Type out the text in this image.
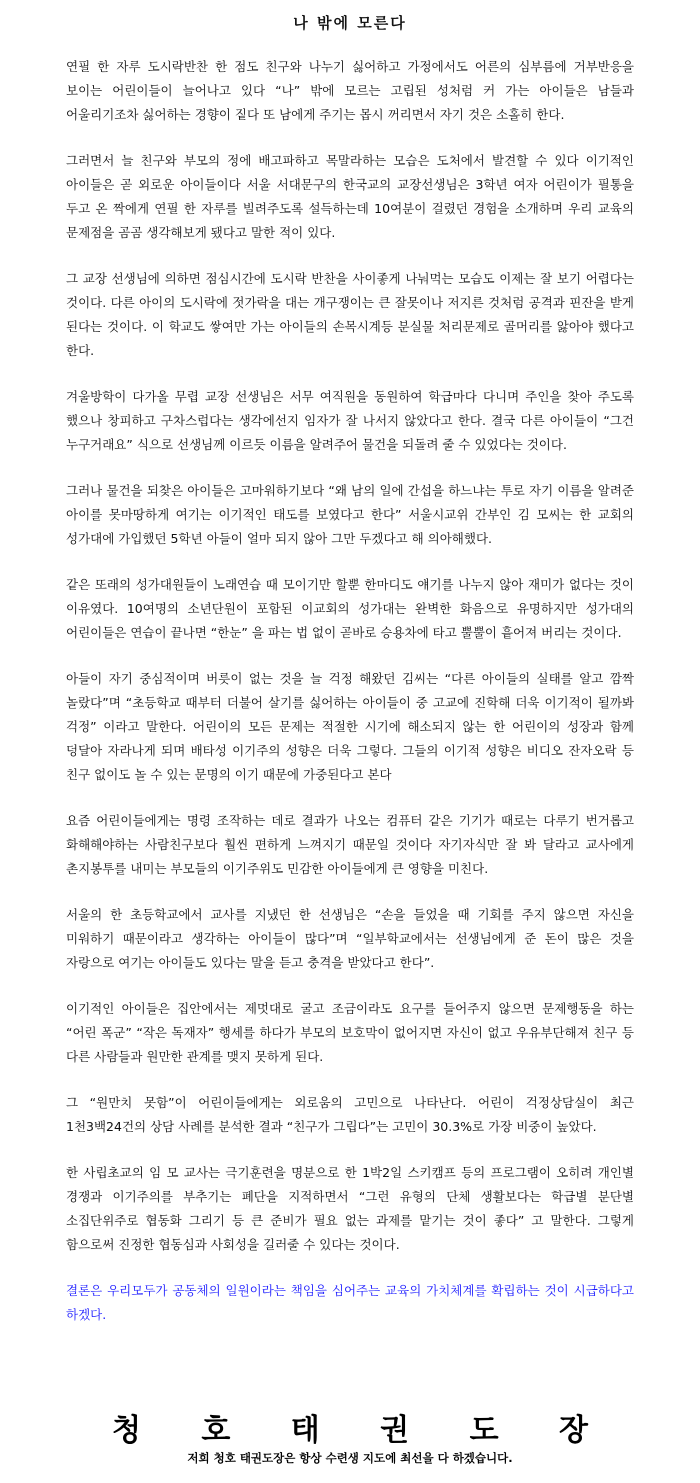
나 밖에 모른다

연필 한 자루 도시락반찬 한 점도 친구와 나누기 싫어하고 가정에서도 어른의 심부름에 거부반응을 보이는 어린이들이 늘어나고 있다 “나” 밖에 모르는 고립된 성처럼 커 가는 아이들은 남들과 어울리기조차 싫어하는 경향이 짙다 또 남에게 주기는 몹시 꺼리면서 자기 것은 소홀히 한다.

그러면서 늘 친구와 부모의 정에 배고파하고 목말라하는 모습은 도처에서 발견할 수 있다 이기적인 아이들은 곧 외로운 아이들이다 서울 서대문구의 한국교의 교장선생님은 3학년 여자 어린이가 필통을 두고 온 짝에게 연필 한 자루를 빌려주도록 설득하는데 10여분이 걸렸던 경험을 소개하며 우리 교육의 문제점을 곰곰 생각해보게 됐다고 말한 적이 있다.

그 교장 선생님에 의하면 점심시간에 도시락 반찬을 사이좋게 나눠먹는 모습도 이제는 잘 보기 어렵다는 것이다. 다른 아이의 도시락에 젓가락을 대는 개구쟁이는 큰 잘못이나 저지른 것처럼 공격과 핀잔을 받게 된다는 것이다. 이 학교도 쌓여만 가는 아이들의 손목시계등 분실물 처리문제로 골머리를 앓아야 했다고 한다.

겨울방학이 다가올 무렵 교장 선생님은 서무 여직원을 동원하여 학급마다 다니며 주인을 찾아 주도록 했으나 창피하고 구차스럽다는 생각에선지 임자가 잘 나서지 않았다고 한다. 결국 다른 아이들이 “그건 누구거래요” 식으로 선생님께 이르듯 이름을 알려주어 물건을 되돌려 줄 수 있었다는 것이다.

그러나 물건을 되찾은 아이들은 고마워하기보다 “왜 남의 일에 간섭을 하느냐는 투로 자기 이름을 알려준 아이를 못마땅하게 여기는 이기적인 태도를 보였다고 한다” 서울시교위 간부인 김 모씨는 한 교회의 성가대에 가입했던 5학년 아들이 얼마 되지 않아 그만 두겠다고 해 의아해했다.

같은 또래의 성가대원들이 노래연습 때 모이기만 할뿐 한마디도 얘기를 나누지 않아 재미가 없다는 것이 이유였다. 10여명의 소년단원이 포함된 이교회의 성가대는 완벽한 화음으로 유명하지만 성가대의 어린이들은 연습이 끝나면 “한눈” 을 파는 법 없이 곧바로 승용차에 타고 뿔뿔이 흩어져 버리는 것이다.

아들이 자기 중심적이며 버릇이 없는 것을 늘 걱정 해왔던 김씨는 “다른 아이들의 실태를 알고 깜짝 놀랐다”며 “초등학교 때부터 더불어 살기를 싫어하는 아이들이 중 고교에 진학해 더욱 이기적이 될까봐 걱정” 이라고 말한다. 어린이의 모든 문제는 적절한 시기에 해소되지 않는 한 어린이의 성장과 함께 덩달아 자라나게 되며 배타성 이기주의 성향은 더욱 그렇다. 그들의 이기적 성향은 비디오 잔자오락 등 친구 없이도 놀 수 있는 문명의 이기 때문에 가중된다고 본다

요즘 어린이들에게는 명령 조작하는 데로 결과가 나오는 컴퓨터 같은 기기가 때로는 다루기 번거롭고 화해해야하는 사람친구보다 훨씬 편하게 느껴지기 때문일 것이다 자기자식만 잘 봐 달라고 교사에게 촌지봉투를 내미는 부모들의 이기주위도 민감한 아이들에게 큰 영향을 미친다.

서울의 한 초등학교에서 교사를 지냈던 한 선생님은 “손을 들었을 때 기회를 주지 않으면 자신을 미워하기 때문이라고 생각하는 아이들이 많다”며 “일부학교에서는 선생님에게 준 돈이 많은 것을 자랑으로 여기는 아이들도 있다는 말을 듣고 충격을 받았다고 한다”.

이기적인 아이들은 집안에서는 제멋대로 굴고 조금이라도 요구를 들어주지 않으면 문제행동을 하는 “어린 폭군” “작은 독재자” 행세를 하다가 부모의 보호막이 없어지면 자신이 없고 우유부단해져 친구 등 다른 사람들과 원만한 관계를 맺지 못하게 된다.

그 “원만치 못함”이 어린이들에게는 외로움의 고민으로 나타난다. 어린이 걱정상담실이 최근 1천3백24건의 상담 사례를 분석한 결과 “친구가 그립다”는 고민이 30.3%로 가장 비중이 높았다.

한 사립초교의 임 모 교사는 극기훈련을 명분으로 한 1박2일 스키캠프 등의 프로그램이 오히려 개인별 경쟁과 이기주의를 부추기는 폐단을 지적하면서 “그런 유형의 단체 생활보다는 학급별 분단별 소집단위주로 협동화 그리기 등 큰 준비가 필요 없는 과제를 맡기는 것이 좋다” 고 말한다. 그렇게 함으로써 진정한 협동심과 사회성을 길러줄 수 있다는 것이다.

결론은 우리모두가 공동체의 일원이라는 책임을 심어주는 교육의 가치체계를 확립하는 것이 시급하다고 하겠다.

청 호 태 권 도 장
저희 청호 태권도장은 항상 수련생 지도에 최선을 다 하겠습니다.
